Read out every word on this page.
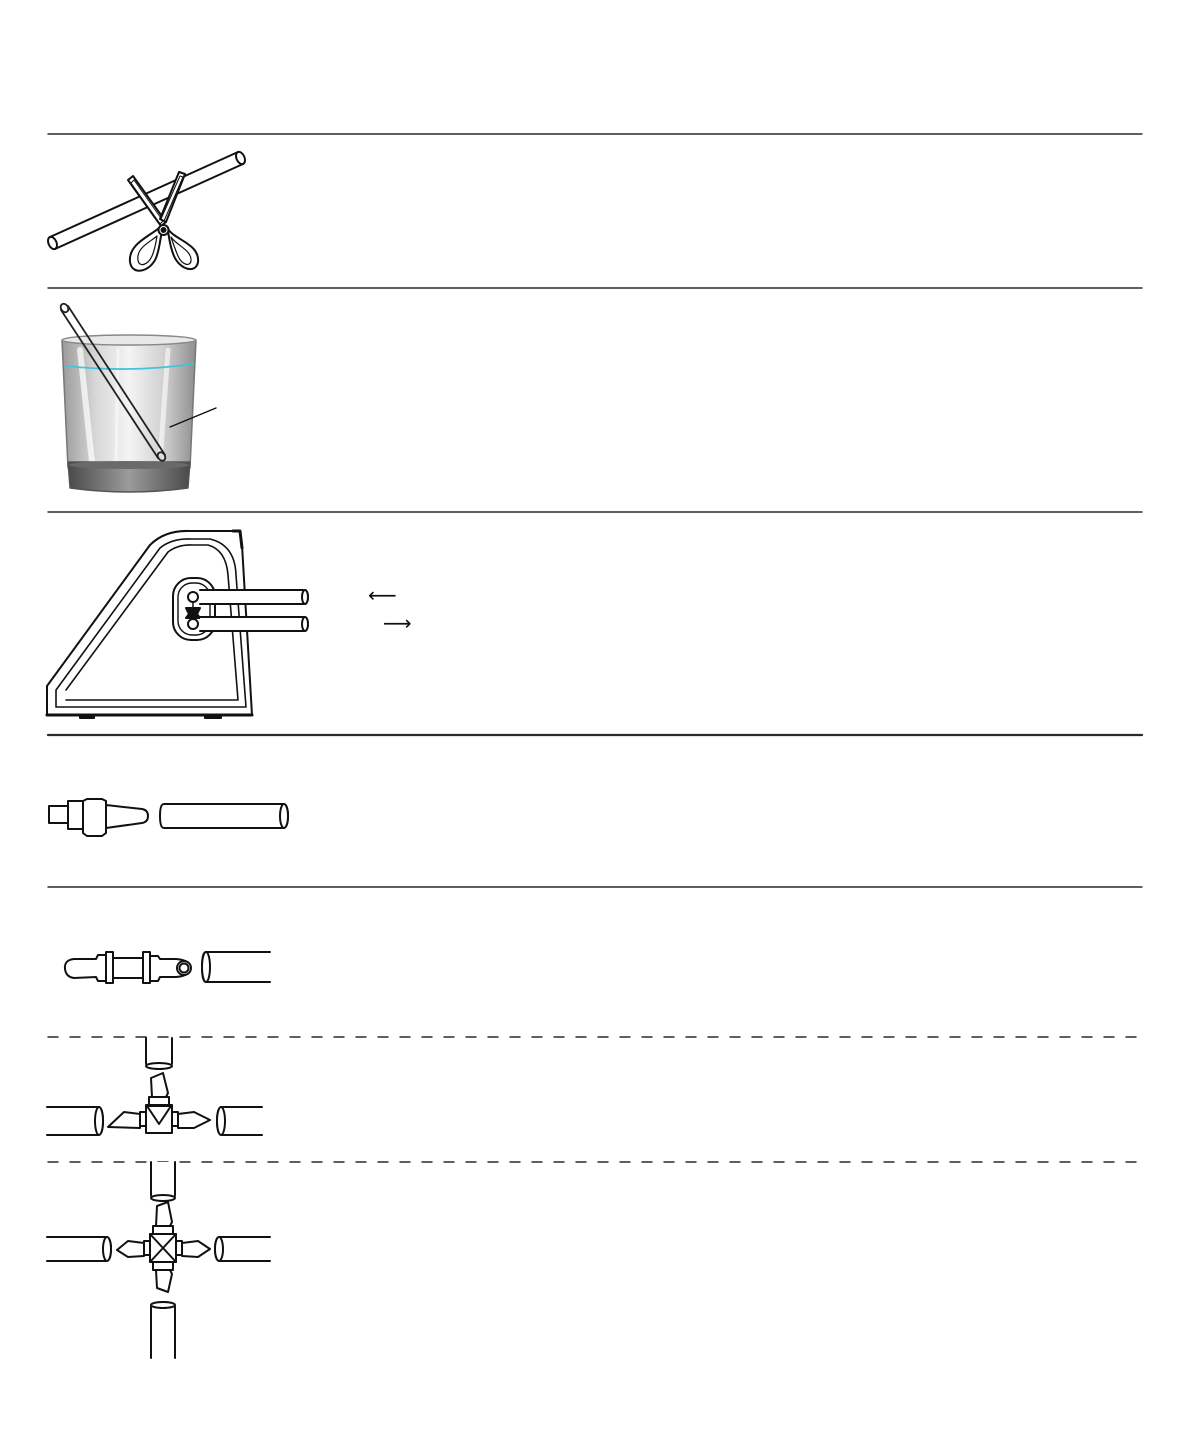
⟵
⟶
